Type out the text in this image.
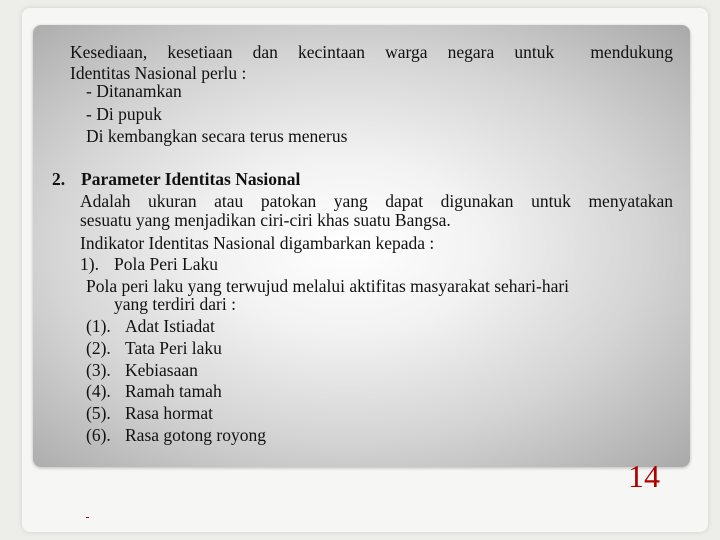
Kesediaan, kesetiaan dan kecintaan warga negara untuk mendukung
Identitas Nasional perlu :
- Ditanamkan
- Di pupuk
Di kembangkan secara terus menerus
2. Parameter Identitas Nasional
Adalah ukuran atau patokan yang dapat digunakan untuk menyatakan
sesuatu yang menjadikan ciri-ciri khas suatu Bangsa.
Indikator Identitas Nasional digambarkan kepada :
1). Pola Peri Laku
Pola peri laku yang terwujud melalui aktifitas masyarakat sehari-hari
yang terdiri dari :
(1). Adat Istiadat
(2). Tata Peri laku
(3). Kebiasaan
(4). Ramah tamah
(5). Rasa hormat
(6). Rasa gotong royong
14
